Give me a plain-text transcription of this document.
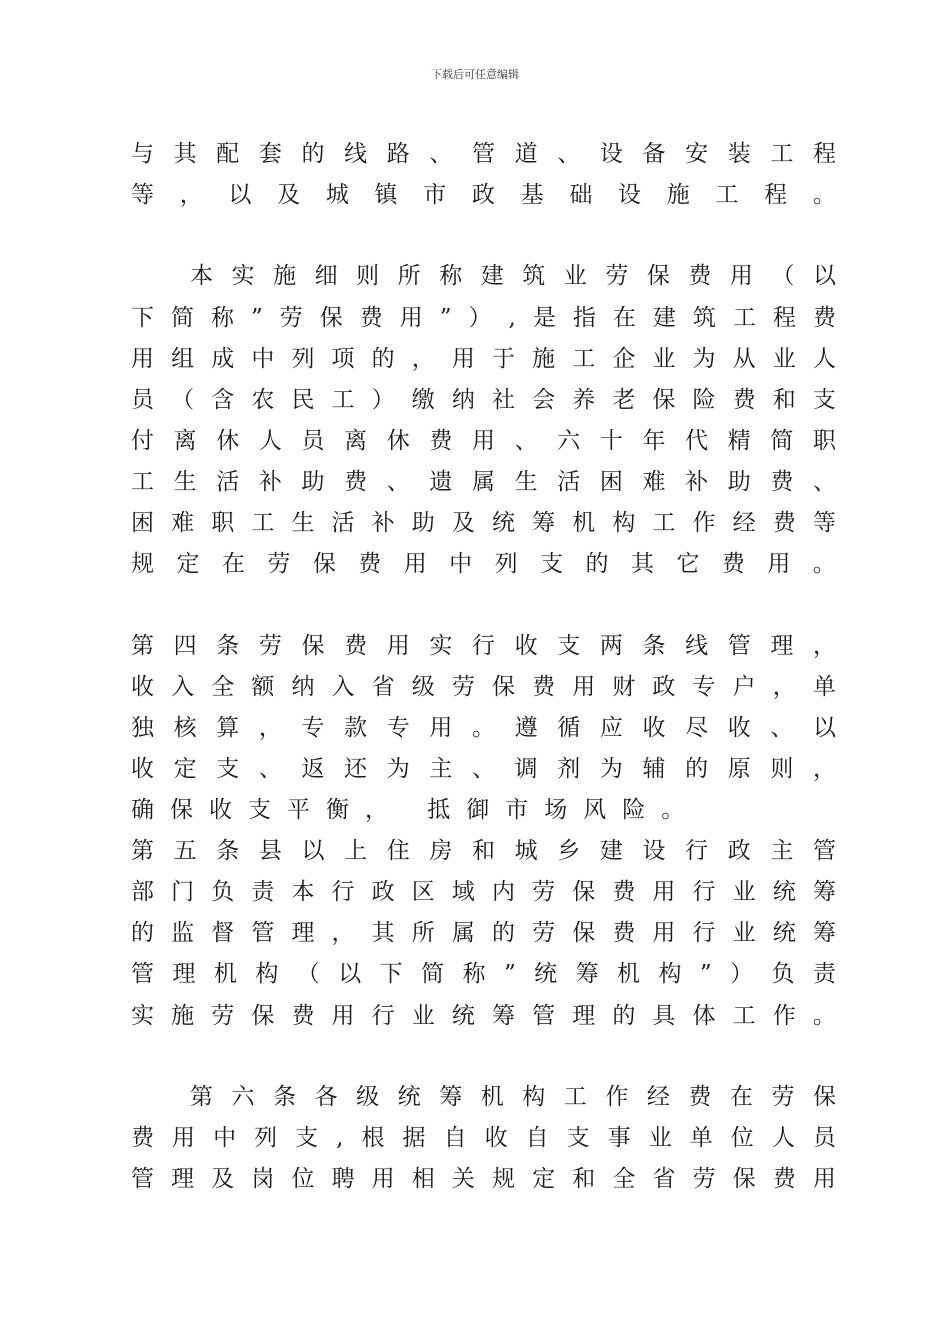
下载后可任意编辑
与 其 配 套 的 线 路 、 管 道 、 设 备 安 装 工 程
等 ， 以 及 城 镇 市 政 基 础 设 施 工 程 。
本 实 施 细 则 所 称 建 筑 业 劳 保 费 用 （ 以
下 简 称 ” 劳 保 费 用 ” ） , 是 指 在 建 筑 工 程 费
用 组 成 中 列 项 的 ， 用 于 施 工 企 业 为 从 业 人
员 （ 含 农 民 工 ） 缴 纳 社 会 养 老 保 险 费 和 支
付 离 休 人 员 离 休 费 用 、 六 十 年 代 精 简 职
工 生 活 补 助 费 、 遗 属 生 活 困 难 补 助 费 、
困 难 职 工 生 活 补 助 及 统 筹 机 构 工 作 经 费 等
规 定 在 劳 保 费 用 中 列 支 的 其 它 费 用 。
第 四 条 劳 保 费 用 实 行 收 支 两 条 线 管 理 ，
收 入 全 额 纳 入 省 级 劳 保 费 用 财 政 专 户 ， 单
独 核 算 ， 专 款 专 用 。 遵 循 应 收 尽 收 、 以
收 定 支 、 返 还 为 主 、 调 剂 为 辅 的 原 则 ，
确保收支平衡， 抵御市场风险。
第 五 条 县 以 上 住 房 和 城 乡 建 设 行 政 主 管
部 门 负 责 本 行 政 区 域 内 劳 保 费 用 行 业 统 筹
的 监 督 管 理 ， 其 所 属 的 劳 保 费 用 行 业 统 筹
管 理 机 构 （ 以 下 简 称 ” 统 筹 机 构 ” ） 负 责
实 施 劳 保 费 用 行 业 统 筹 管 理 的 具 体 工 作 。
第 六 条 各 级 统 筹 机 构 工 作 经 费 在 劳 保
费 用 中 列 支 , 根 据 自 收 自 支 事 业 单 位 人 员
管 理 及 岗 位 聘 用 相 关 规 定 和 全 省 劳 保 费 用
